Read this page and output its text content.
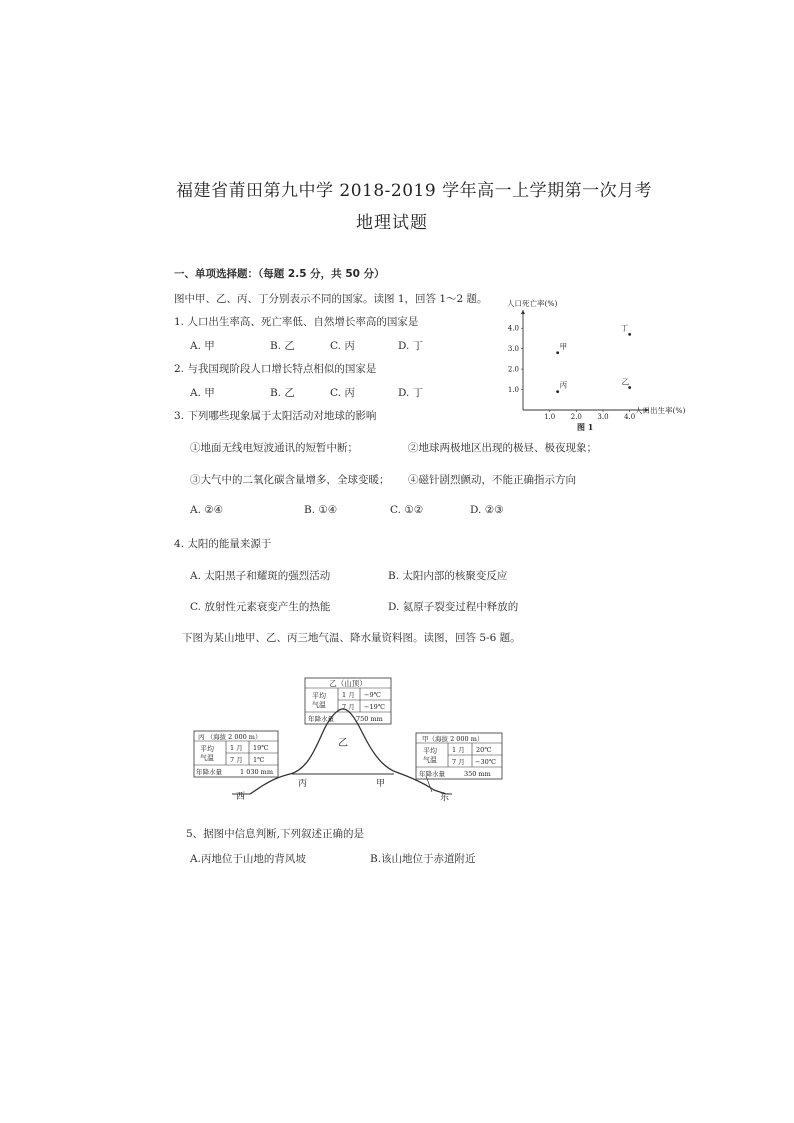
福建省莆田第九中学 2018-2019 学年高一上学期第一次月考
地理试题
一、单项选择题：（每题 2.5 分，共 50 分）
图中甲、乙、丙、丁分别表示不同的国家。读图 1，回答 1～2 题。
1. 人口出生率高、死亡率低、自然增长率高的国家是
A. 甲	B. 乙	C. 丙	D. 丁
2. 与我国现阶段人口增长特点相似的国家是
A. 甲	B. 乙	C. 丙	D. 丁
人口死亡率(%)
人口出生率(%)
1.0 2.0 3.0 4.0
1.0
2.0
3.0
4.0
甲
乙
丙
丁
图 1
3. 下列哪些现象属于太阳活动对地球的影响
①地面无线电短波通讯的短暂中断；	②地球两极地区出现的极昼、极夜现象；
③大气中的二氧化碳含量增多，全球变暖； ④磁针剧烈颤动，不能正确指示方向
A. ②④	B. ①④	C. ①②	D. ②③
4. 太阳的能量来源于
A. 太阳黑子和耀斑的强烈活动	B. 太阳内部的核聚变反应
C. 放射性元素衰变产生的热能	D. 氦原子裂变过程中释放的
下图为某山地甲、乙、丙三地气温、降水量资料图。读图，回答 5-6 题。
乙（山顶）
平均
气温
1 月 −9℃
7 月 −19℃
年降水量	750 mm
乙
丙 （海拔 2 000 m）
平均
气温
1 月 19℃
7 月 1℃
年降水量	1 030 mm
丙	甲
西	东
甲（海拔 2 000 m）
平均
气温
1 月 20℃
7 月 −30℃
年降水量	350 mm
5、据图中信息判断,下列叙述正确的是
A.丙地位于山地的背风坡	B.该山地位于赤道附近
